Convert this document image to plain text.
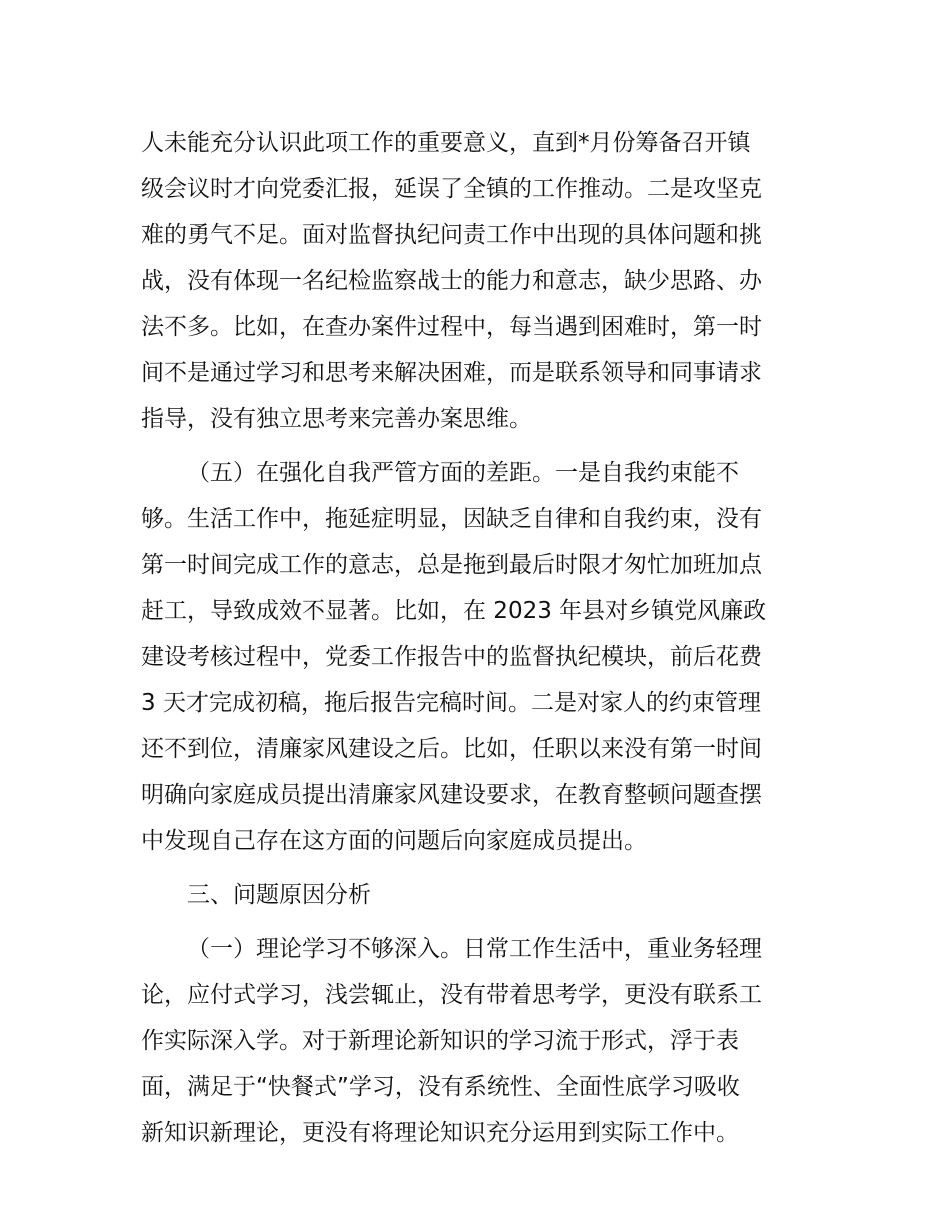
人未能充分认识此项工作的重要意义，直到*月份筹备召开镇
级会议时才向党委汇报，延误了全镇的工作推动。二是攻坚克
难的勇气不足。面对监督执纪问责工作中出现的具体问题和挑
战，没有体现一名纪检监察战士的能力和意志，缺少思路、办
法不多。比如，在查办案件过程中，每当遇到困难时，第一时
间不是通过学习和思考来解决困难，而是联系领导和同事请求
指导，没有独立思考来完善办案思维。
（五）在强化自我严管方面的差距。一是自我约束能不
够。生活工作中，拖延症明显，因缺乏自律和自我约束，没有
第一时间完成工作的意志，总是拖到最后时限才匆忙加班加点
赶工，导致成效不显著。比如，在 2023 年县对乡镇党风廉政
建设考核过程中，党委工作报告中的监督执纪模块，前后花费
3 天才完成初稿，拖后报告完稿时间。二是对家人的约束管理
还不到位，清廉家风建设之后。比如，任职以来没有第一时间
明确向家庭成员提出清廉家风建设要求，在教育整顿问题查摆
中发现自己存在这方面的问题后向家庭成员提出。
三、问题原因分析
（一）理论学习不够深入。日常工作生活中，重业务轻理
论，应付式学习，浅尝辄止，没有带着思考学，更没有联系工
作实际深入学。对于新理论新知识的学习流于形式，浮于表
面，满足于“快餐式”学习，没有系统性、全面性底学习吸收
新知识新理论，更没有将理论知识充分运用到实际工作中。
